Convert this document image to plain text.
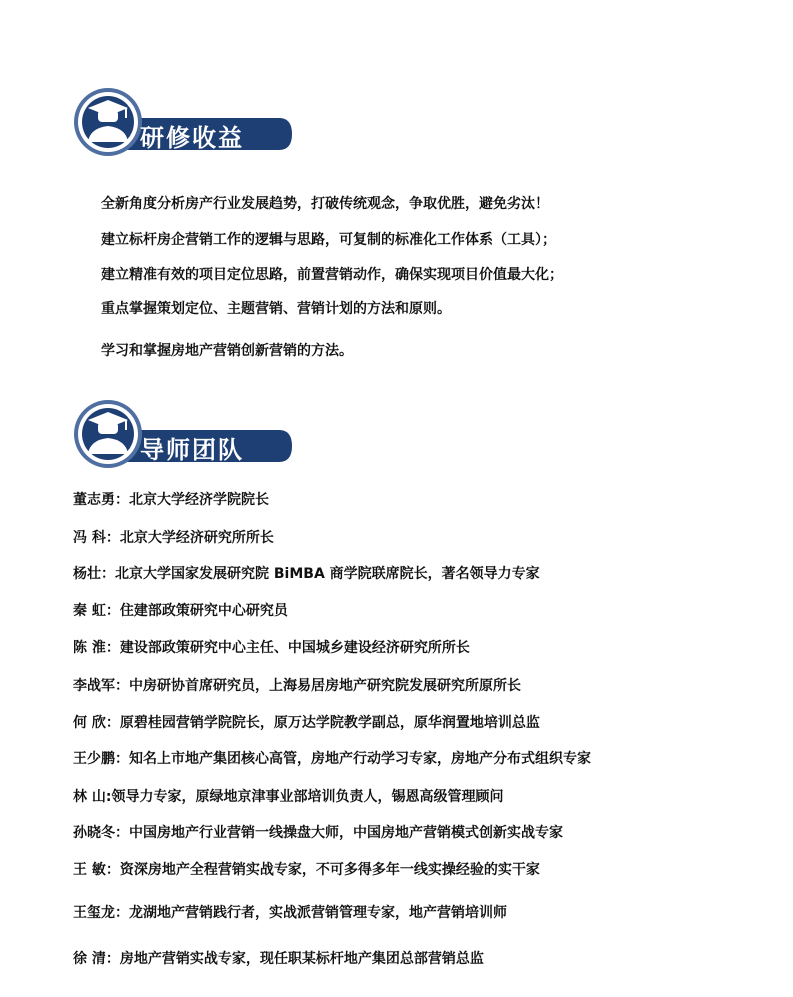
研修收益
全新角度分析房产行业发展趋势，打破传统观念，争取优胜，避免劣汰！
建立标杆房企营销工作的逻辑与思路，可复制的标准化工作体系（工具）；
建立精准有效的项目定位思路，前置营销动作，确保实现项目价值最大化；
重点掌握策划定位、主题营销、营销计划的方法和原则。
学习和掌握房地产营销创新营销的方法。
导师团队
董志勇：北京大学经济学院院长
冯 科：北京大学经济研究所所长
杨壮：北京大学国家发展研究院 BiMBA 商学院联席院长，著名领导力专家
秦 虹：住建部政策研究中心研究员
陈 淮：建设部政策研究中心主任、中国城乡建设经济研究所所长
李战军：中房研协首席研究员，上海易居房地产研究院发展研究所原所长
何 欣：原碧桂园营销学院院长，原万达学院教学副总，原华润置地培训总监
王少鹏：知名上市地产集团核心高管，房地产行动学习专家，房地产分布式组织专家
林 山:领导力专家，原绿地京津事业部培训负责人，锡恩高级管理顾问
孙晓冬：中国房地产行业营销一线操盘大师，中国房地产营销模式创新实战专家
王 敏：资深房地产全程营销实战专家，不可多得多年一线实操经验的实干家
王玺龙：龙湖地产营销践行者，实战派营销管理专家，地产营销培训师
徐 清：房地产营销实战专家，现任职某标杆地产集团总部营销总监
